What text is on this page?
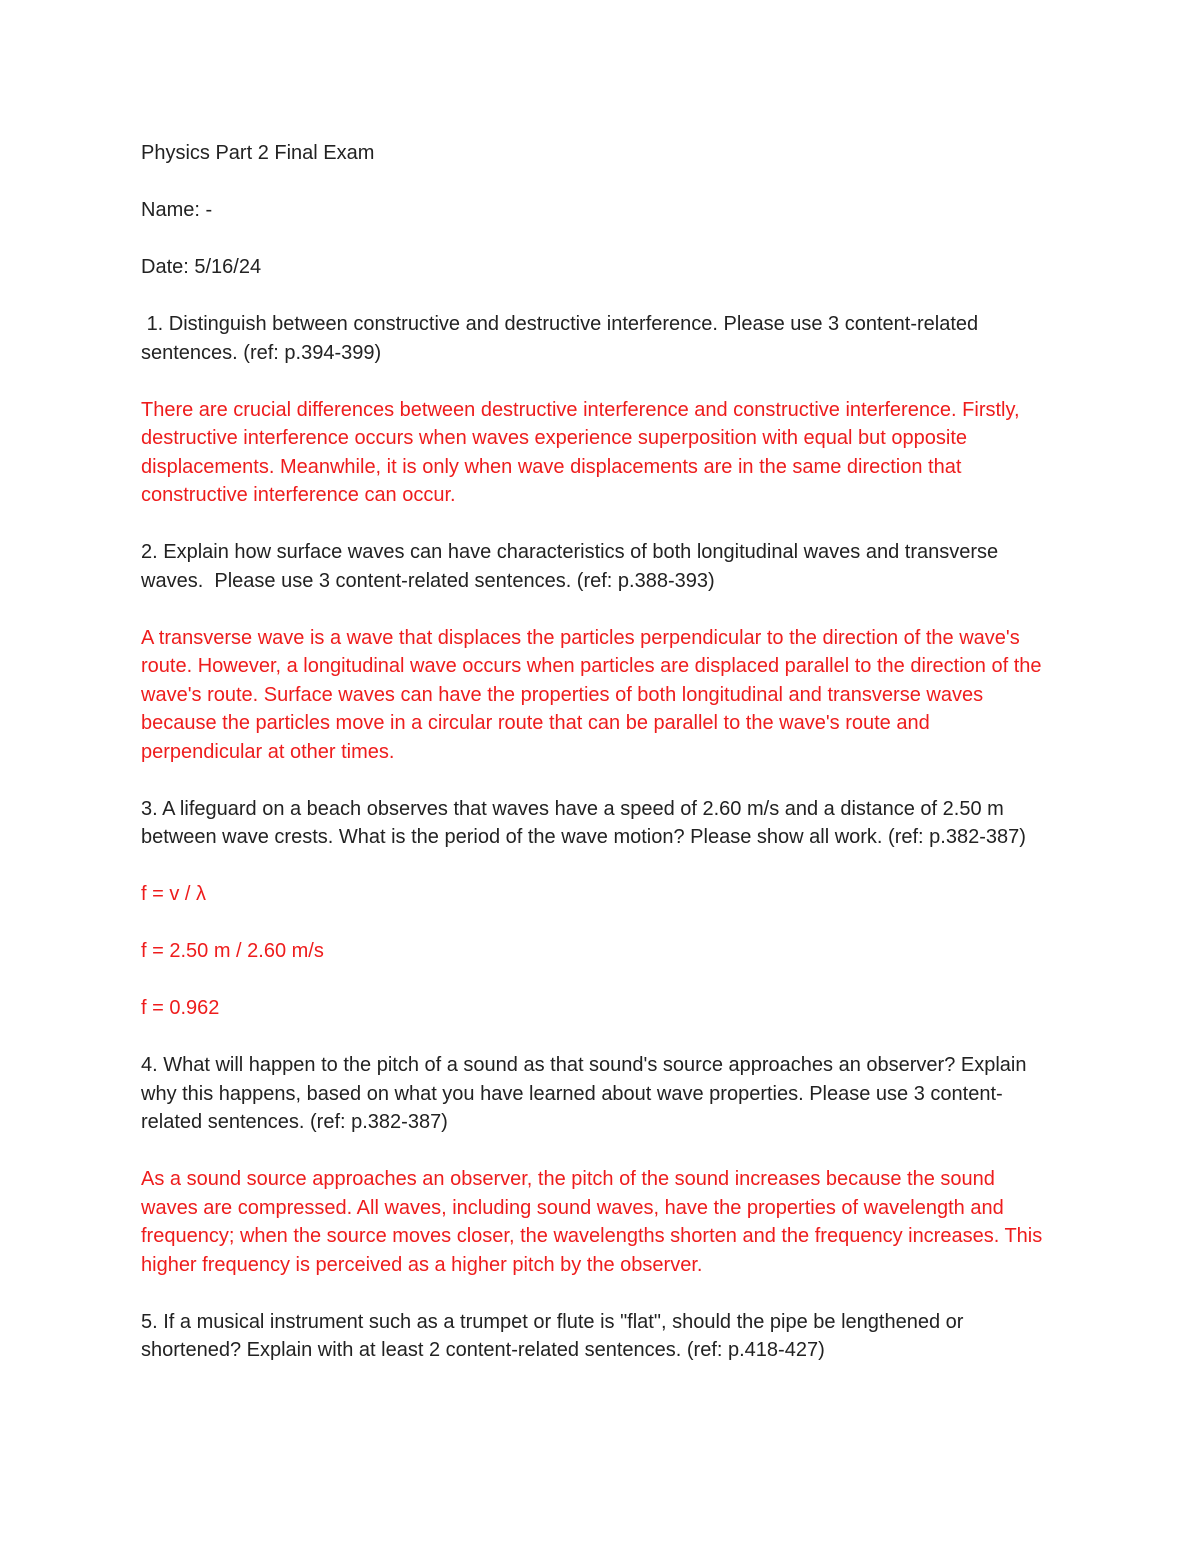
Physics Part 2 Final Exam

Name: -

Date: 5/16/24

1. Distinguish between constructive and destructive interference. Please use 3 content-related sentences. (ref: p.394-399)

There are crucial differences between destructive interference and constructive interference. Firstly, destructive interference occurs when waves experience superposition with equal but opposite displacements. Meanwhile, it is only when wave displacements are in the same direction that constructive interference can occur.

2. Explain how surface waves can have characteristics of both longitudinal waves and transverse waves.  Please use 3 content-related sentences. (ref: p.388-393)

A transverse wave is a wave that displaces the particles perpendicular to the direction of the wave's route. However, a longitudinal wave occurs when particles are displaced parallel to the direction of the wave's route. Surface waves can have the properties of both longitudinal and transverse waves because the particles move in a circular route that can be parallel to the wave's route and perpendicular at other times.

3. A lifeguard on a beach observes that waves have a speed of 2.60 m/s and a distance of 2.50 m between wave crests. What is the period of the wave motion? Please show all work. (ref: p.382-387)

f = v / λ

f = 2.50 m / 2.60 m/s

f = 0.962

4. What will happen to the pitch of a sound as that sound's source approaches an observer? Explain why this happens, based on what you have learned about wave properties. Please use 3 content-related sentences. (ref: p.382-387)

As a sound source approaches an observer, the pitch of the sound increases because the sound waves are compressed. All waves, including sound waves, have the properties of wavelength and frequency; when the source moves closer, the wavelengths shorten and the frequency increases. This higher frequency is perceived as a higher pitch by the observer.

5. If a musical instrument such as a trumpet or flute is "flat", should the pipe be lengthened or shortened? Explain with at least 2 content-related sentences. (ref: p.418-427)
